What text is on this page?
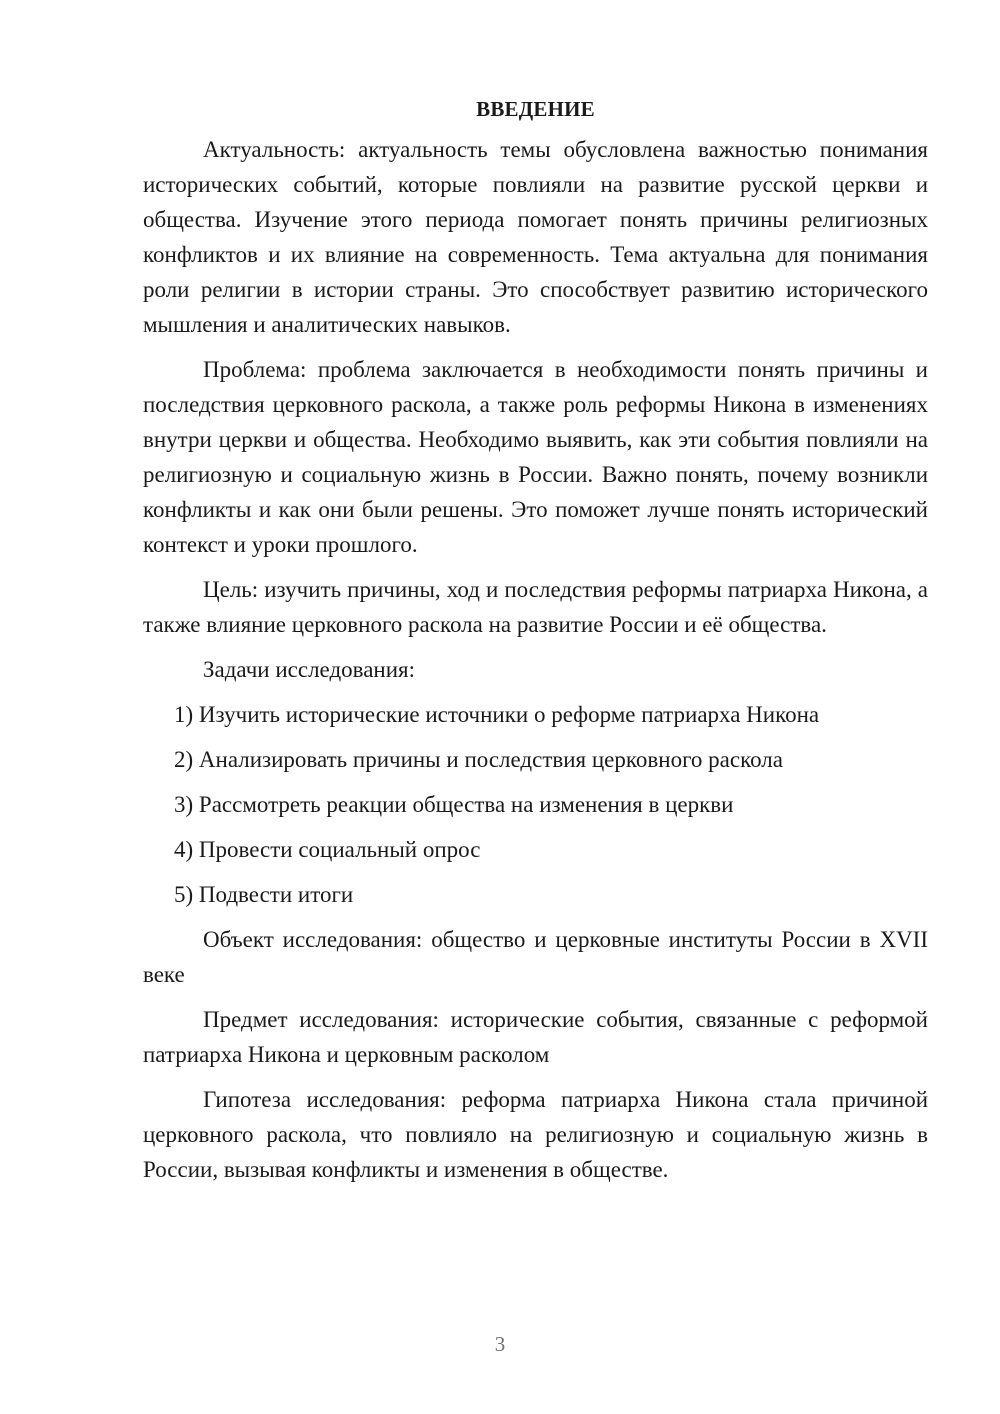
ВВЕДЕНИЕ

Актуальность: актуальность темы обусловлена важностью понимания исторических событий, которые повлияли на развитие русской церкви и общества. Изучение этого периода помогает понять причины религиозных конфликтов и их влияние на современность. Тема актуальна для понимания роли религии в истории страны. Это способствует развитию исторического мышления и аналитических навыков.

Проблема: проблема заключается в необходимости понять причины и последствия церковного раскола, а также роль реформы Никона в изменениях внутри церкви и общества. Необходимо выявить, как эти события повлияли на религиозную и социальную жизнь в России. Важно понять, почему возникли конфликты и как они были решены. Это поможет лучше понять исторический контекст и уроки прошлого.

Цель: изучить причины, ход и последствия реформы патриарха Никона, а также влияние церковного раскола на развитие России и её общества.

Задачи исследования:

1) Изучить исторические источники о реформе патриарха Никона

2) Анализировать причины и последствия церковного раскола

3) Рассмотреть реакции общества на изменения в церкви

4) Провести социальный опрос

5) Подвести итоги

Объект исследования: общество и церковные институты России в XVII веке

Предмет исследования: исторические события, связанные с реформой патриарха Никона и церковным расколом

Гипотеза исследования: реформа патриарха Никона стала причиной церковного раскола, что повлияло на религиозную и социальную жизнь в России, вызывая конфликты и изменения в обществе.

3
